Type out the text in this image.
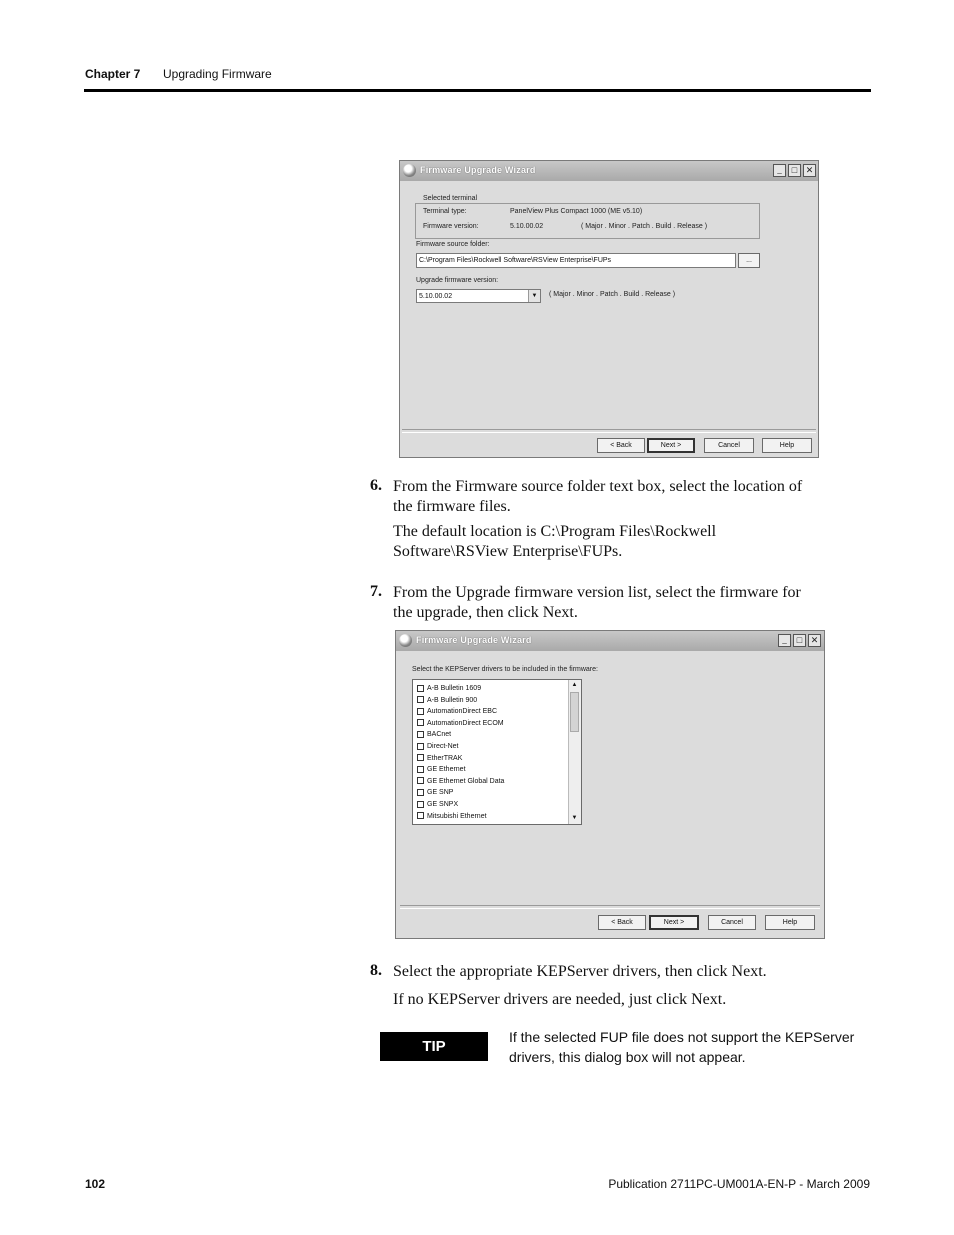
Chapter 7 Upgrading Firmware
Firmware Upgrade Wizard	_	□ ✕
Selected terminal
Terminal type:	PanelView Plus Compact 1000 (ME v5.10)
Firmware version:	5.10.00.02	( Major . Minor . Patch . Build . Release )
Firmware source folder:
C:\Program Files\Rockwell Software\RSView Enterprise\FUPs	...
Upgrade firmware version:
5.10.00.02	▼	( Major . Minor . Patch . Build . Release )
< Back	Next >	Cancel	Help
6. From the Firmware source folder text box, select the location of
the firmware files.
The default location is C:\Program Files\Rockwell
Software\RSView Enterprise\FUPs.
7. From the Upgrade firmware version list, select the firmware for
the upgrade, then click Next.
Firmware Upgrade Wizard	_	□ ✕
Select the KEPServer drivers to be included in the firmware:
A-B Bulletin 1609
A-B Bulletin 900
AutomationDirect EBC
AutomationDirect ECOM
BACnet
Direct-Net
EtherTRAK
GE Ethernet
GE Ethernet Global Data
GE SNP
GE SNPX
Mitsubishi Ethernet
▲
▼
< Back	Next >	Cancel	Help
8. Select the appropriate KEPServer drivers, then click Next.
If no KEPServer drivers are needed, just click Next.
TIP
If the selected FUP file does not support the KEPServer
drivers, this dialog box will not appear.
102	Publication 2711PC-UM001A-EN-P - March 2009
